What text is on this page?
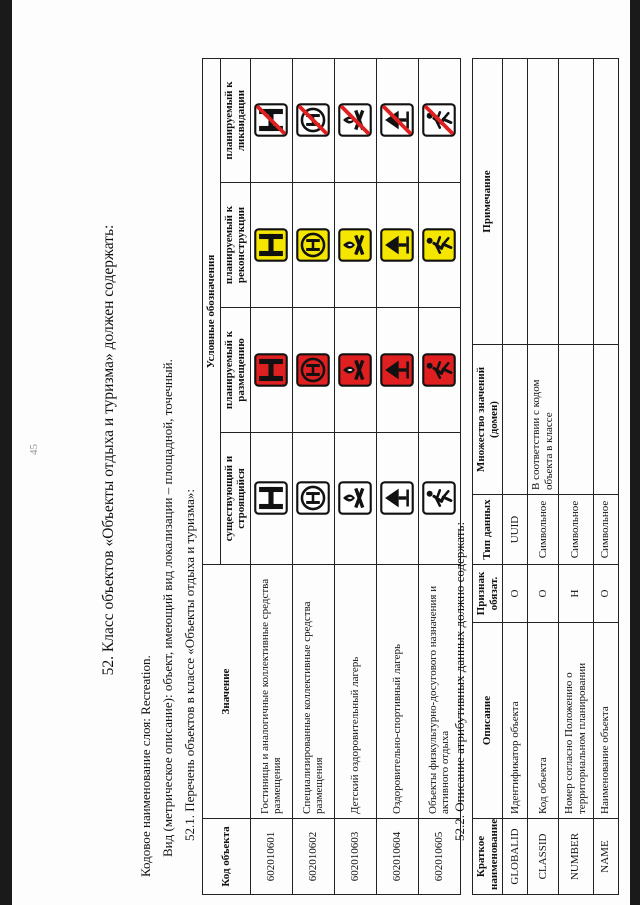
45	52. Класс объектов «Объекты отдыха и туризма» должен содержать:
Кодовое наименование слоя: Recreation. Вид (метрическое описание): объект, имеющий вид локализации – площадной, точечный. 52.1. Перечень объектов в классе «Объекты отдыха и туризма»:
Код объекта	Значение	Условные обозначения			
		существующий и строящийся	планируемый к размещению	планируемый к реконструкции	планируемый к ликвидации
602010601	Гостиницы и аналогичные коллективные средства размещения	

602010602	Специализированные коллективные средства размещения	

602010603	Детский оздоровительный лагерь	

602010604	Оздоровительно-спортивный лагерь	

602010605	Объекты физкультурно-досугового назначения и активного отдыха	

	52.2. Описание атрибутивных данных должно содержать:
Краткое наименование	Описание	Признак обязат.	Тип данных	Множество значений (домен)	Примечание
GLOBALID	Идентификатор объекта	О	UUID		
CLASSID	Код объекта	О	Символьное	В соответствии с кодом объекта в классе	
NUMBER	Номер согласно Положению о территориальном планировании	Н	Символьное		
NAME	Наименование объекта	О	Символьное		
